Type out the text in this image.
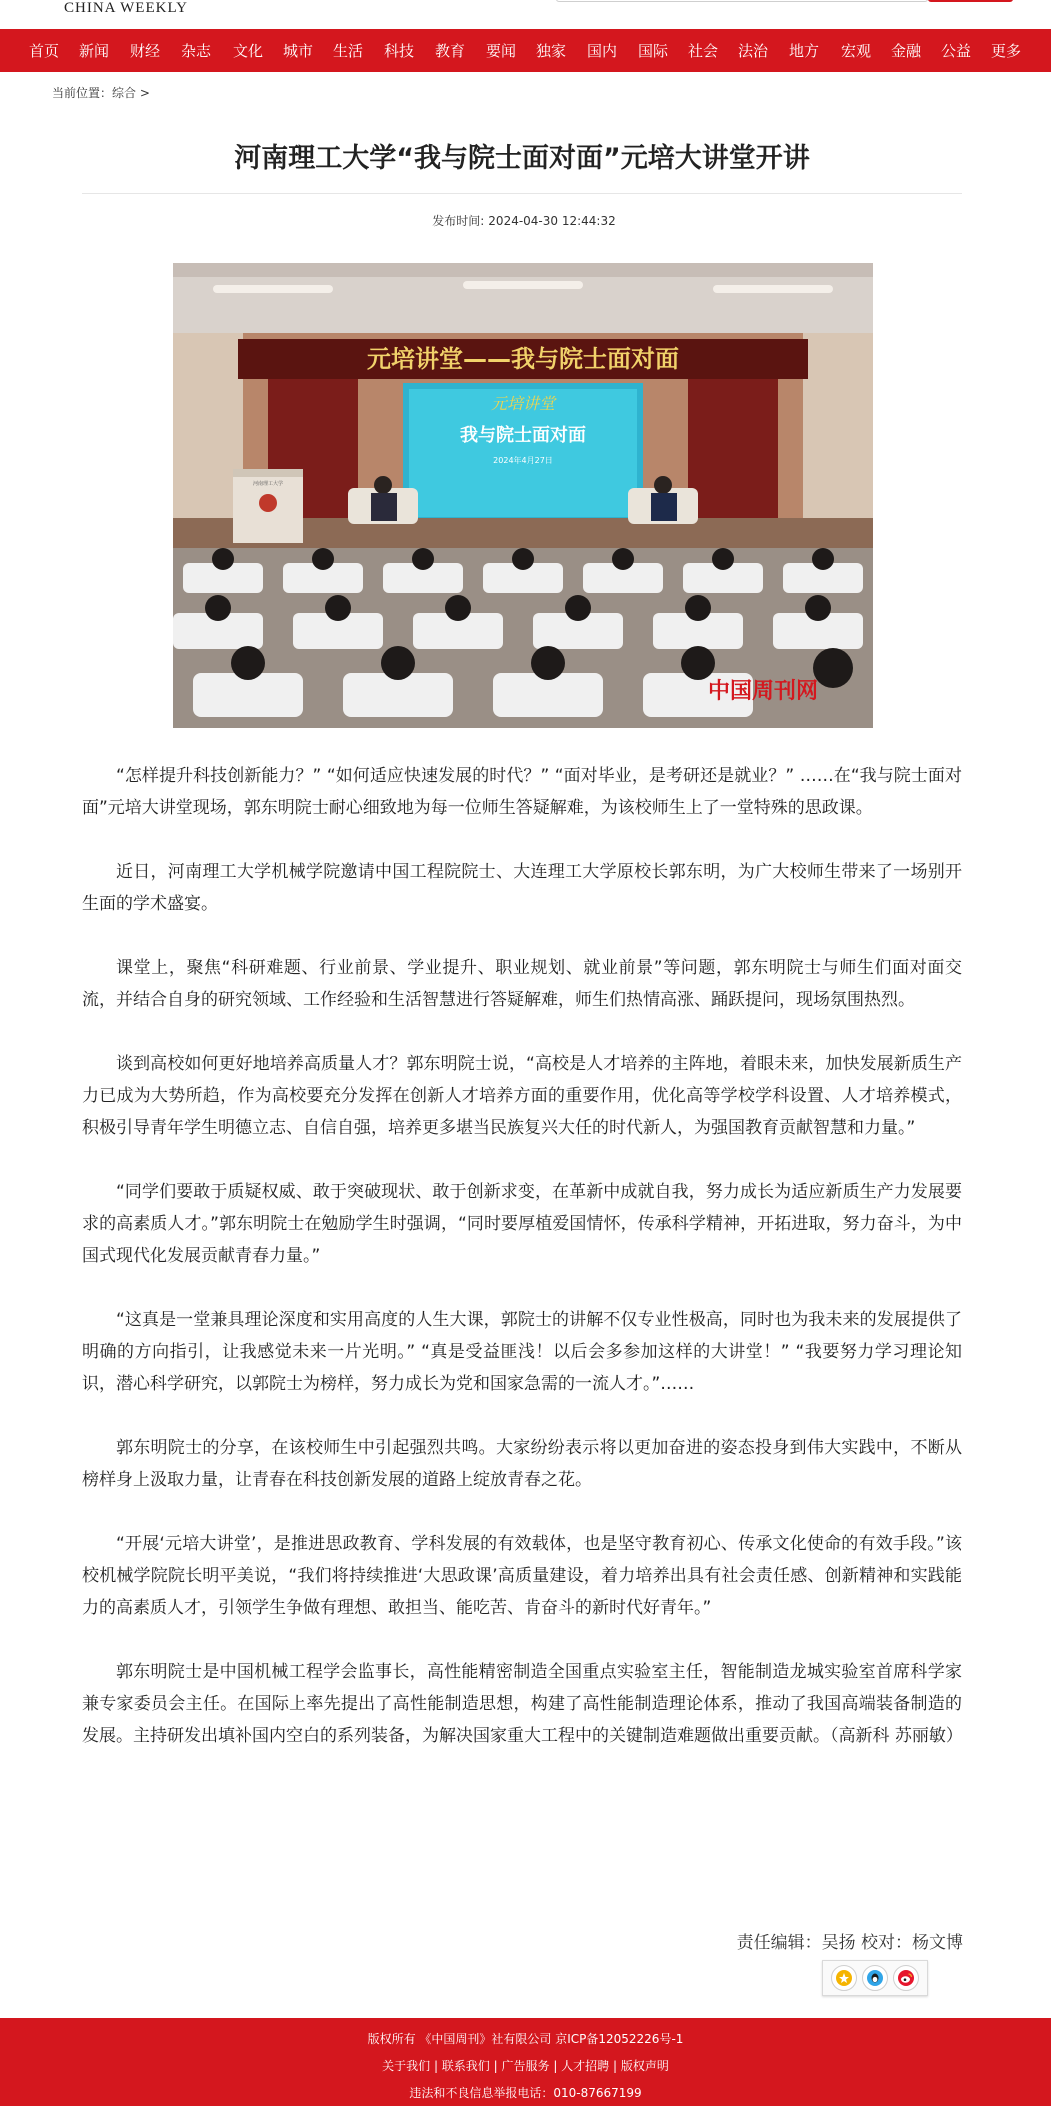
CHINA WEEKLY
首页	新闻	财经	杂志	文化	城市	生活	科技	教育	要闻	独家	国内	国际	社会	法治	地方	宏观	金融	公益	更多
当前位置：综合 >
河南理工大学“我与院士面对面”元培大讲堂开讲
发布时间: 2024-04-30 12:44:32
元培讲堂——我与院士面对面
元培讲堂
我与院士面对面
2024年4月27日
河南理工大学
中国周刊网

“怎样提升科技创新能力？” “如何适应快速发展的时代？” “面对毕业，是考研还是就业？” ……在“我与院士面对面”元培大讲堂现场，郭东明院士耐心细致地为每一位师生答疑解难，为该校师生上了一堂特殊的思政课。

近日，河南理工大学机械学院邀请中国工程院院士、大连理工大学原校长郭东明，为广大校师生带来了一场别开生面的学术盛宴。

课堂上，聚焦“科研难题、行业前景、学业提升、职业规划、就业前景”等问题，郭东明院士与师生们面对面交流，并结合自身的研究领域、工作经验和生活智慧进行答疑解难，师生们热情高涨、踊跃提问，现场氛围热烈。

谈到高校如何更好地培养高质量人才？郭东明院士说，“高校是人才培养的主阵地，着眼未来，加快发展新质生产力已成为大势所趋，作为高校要充分发挥在创新人才培养方面的重要作用，优化高等学校学科设置、人才培养模式，积极引导青年学生明德立志、自信自强，培养更多堪当民族复兴大任的时代新人，为强国教育贡献智慧和力量。”

“同学们要敢于质疑权威、敢于突破现状、敢于创新求变，在革新中成就自我，努力成长为适应新质生产力发展要求的高素质人才。”郭东明院士在勉励学生时强调，“同时要厚植爱国情怀，传承科学精神，开拓进取，努力奋斗，为中国式现代化发展贡献青春力量。”

“这真是一堂兼具理论深度和实用高度的人生大课，郭院士的讲解不仅专业性极高，同时也为我未来的发展提供了明确的方向指引，让我感觉未来一片光明。” “真是受益匪浅！以后会多参加这样的大讲堂！” “我要努力学习理论知识，潜心科学研究，以郭院士为榜样，努力成长为党和国家急需的一流人才。”……

郭东明院士的分享，在该校师生中引起强烈共鸣。大家纷纷表示将以更加奋进的姿态投身到伟大实践中，不断从榜样身上汲取力量，让青春在科技创新发展的道路上绽放青春之花。

“开展‘元培大讲堂’，是推进思政教育、学科发展的有效载体，也是坚守教育初心、传承文化使命的有效手段。”该校机械学院院长明平美说，“我们将持续推进‘大思政课’高质量建设，着力培养出具有社会责任感、创新精神和实践能力的高素质人才，引领学生争做有理想、敢担当、能吃苦、肯奋斗的新时代好青年。”

郭东明院士是中国机械工程学会监事长，高性能精密制造全国重点实验室主任，智能制造龙城实验室首席科学家兼专家委员会主任。在国际上率先提出了高性能制造思想，构建了高性能制造理论体系，推动了我国高端装备制造的发展。主持研发出填补国内空白的系列装备，为解决国家重大工程中的关键制造难题做出重要贡献。（高新科 苏丽敏）

责任编辑：吴扬 校对：杨文博
版权所有 《中国周刊》社有限公司 京ICP备12052226号-1
关于我们 | 联系我们 | 广告服务 | 人才招聘 | 版权声明
违法和不良信息举报电话：010-87667199
